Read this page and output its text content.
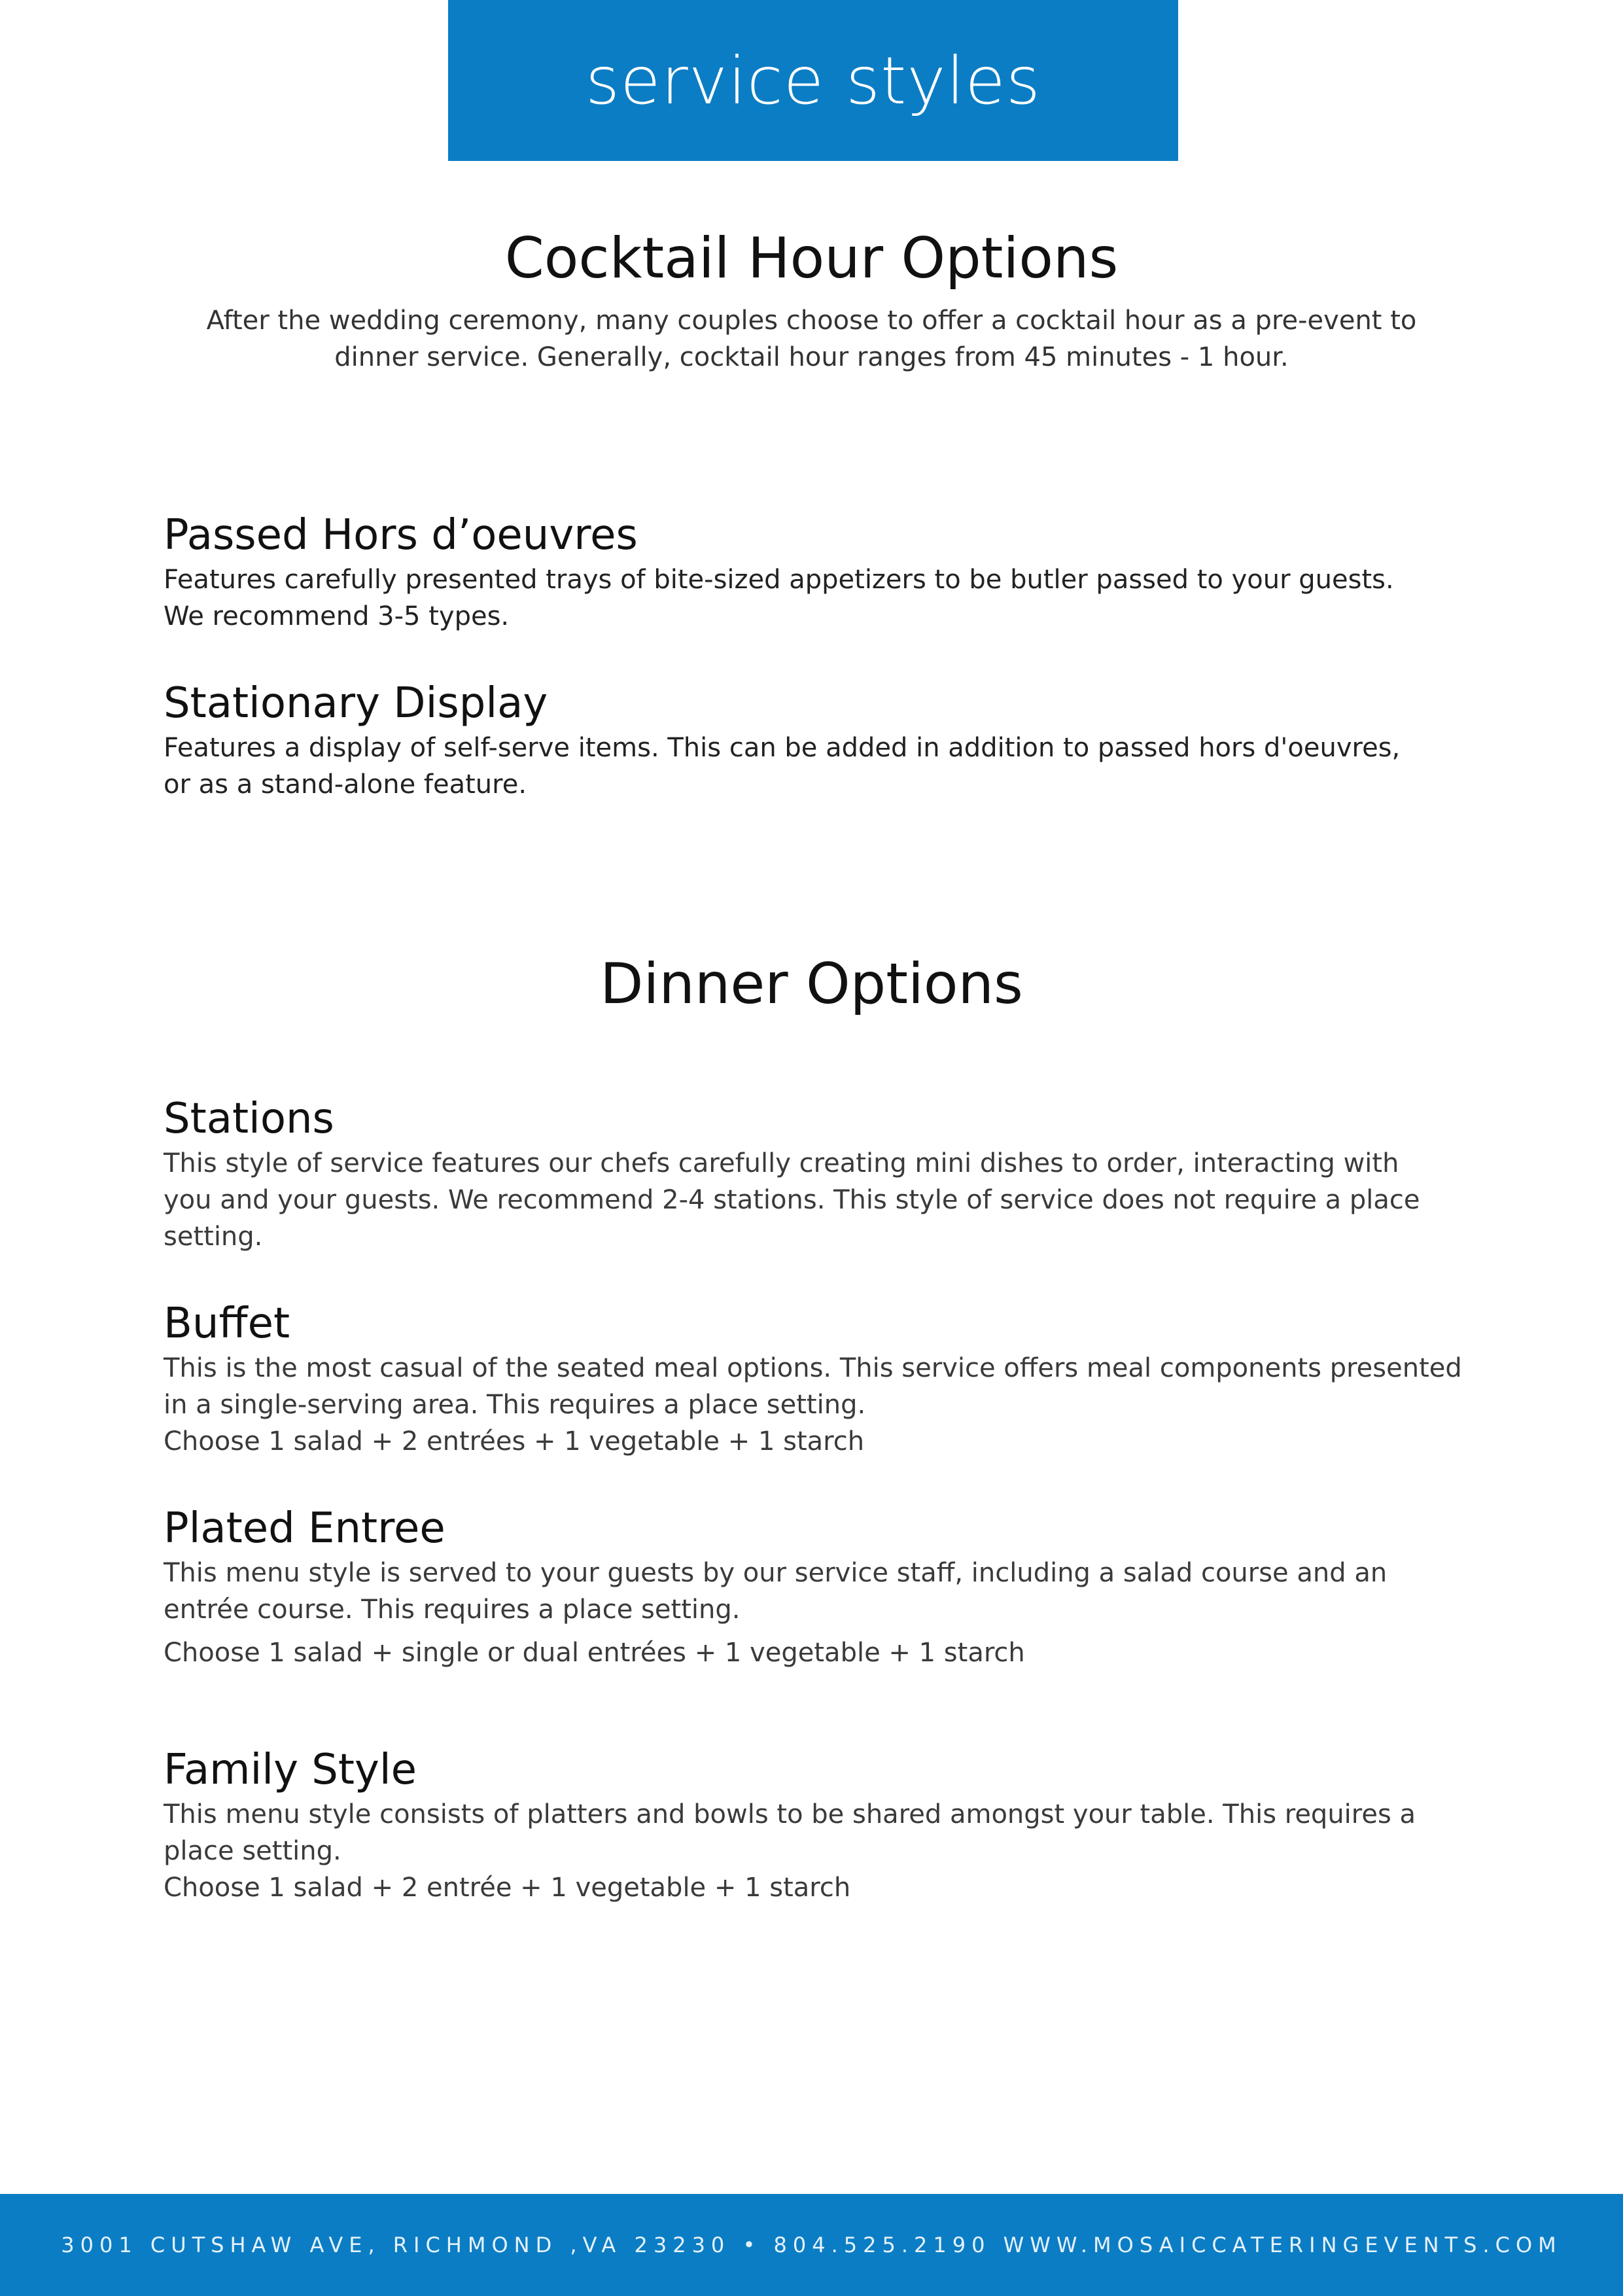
service styles
Cocktail Hour Options
After the wedding ceremony, many couples choose to offer a cocktail hour as a pre-event to
dinner service. Generally, cocktail hour ranges from 45 minutes - 1 hour.
Passed Hors d’oeuvres

Features carefully presented trays of bite-sized appetizers to be butler passed to your guests.

We recommend 3-5 types.

Stationary Display

Features a display of self-serve items. This can be added in addition to passed hors d'oeuvres,

or as a stand-alone feature.

Dinner Options
Stations

This style of service features our chefs carefully creating mini dishes to order, interacting with

you and your guests. We recommend 2-4 stations. This style of service does not require a place

setting.

Buffet

This is the most casual of the seated meal options. This service offers meal components presented

in a single-serving area. This requires a place setting.

Choose 1 salad + 2 entrées + 1 vegetable + 1 starch

Plated Entree

This menu style is served to your guests by our service staff, including a salad course and an

entrée course. This requires a place setting.

Choose 1 salad + single or dual entrées + 1 vegetable + 1 starch

Family Style

This menu style consists of platters and bowls to be shared amongst your table. This requires a

place setting.

Choose 1 salad + 2 entrée + 1 vegetable + 1 starch

3001 CUTSHAW AVE, RICHMOND ,VA 23230 • 804.525.2190 WWW.MOSAICCATERINGEVENTS.COM
